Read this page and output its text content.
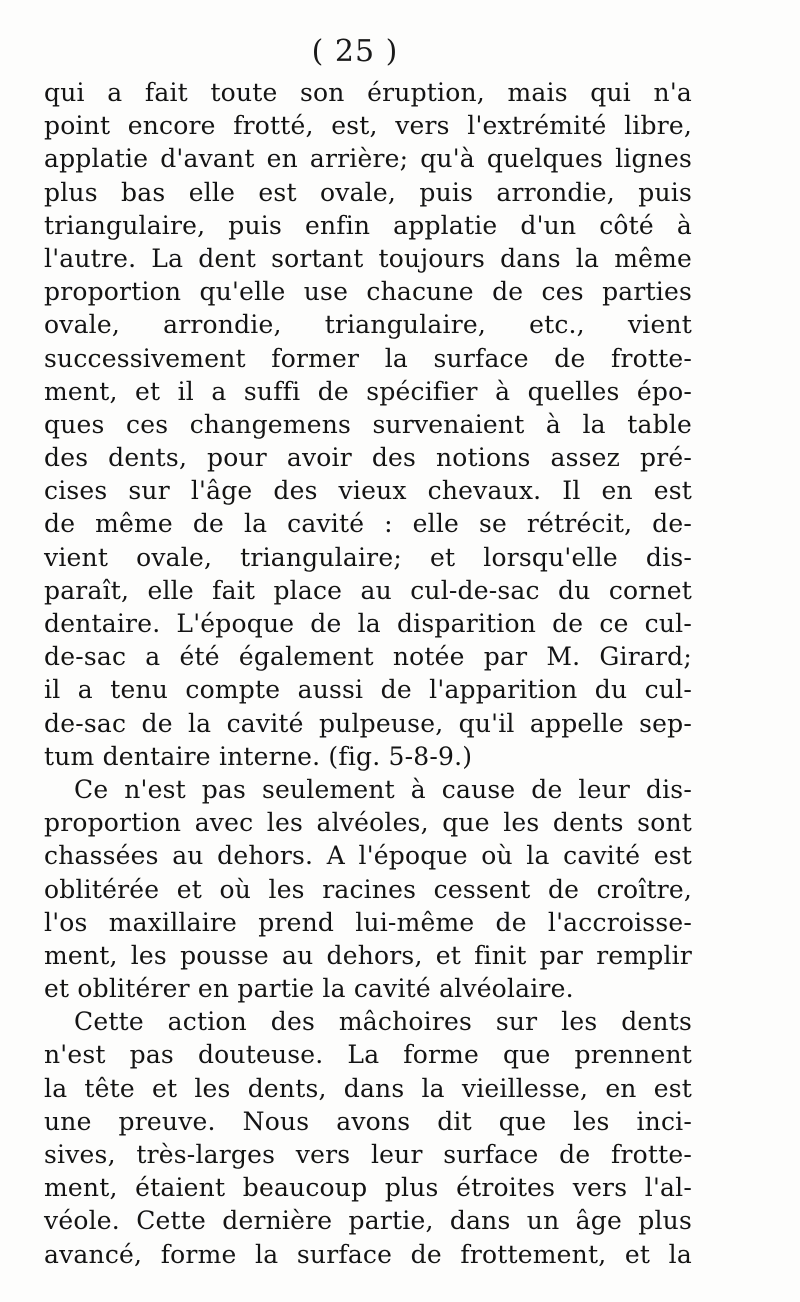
( 25 )
qui a fait toute son éruption, mais qui n'a
point encore frotté, est, vers l'extrémité libre,
applatie d'avant en arrière; qu'à quelques lignes
plus bas elle est ovale, puis arrondie, puis
triangulaire, puis enfin applatie d'un côté à
l'autre. La dent sortant toujours dans la même
proportion qu'elle use chacune de ces parties
ovale, arrondie, triangulaire, etc., vient
successivement former la surface de frotte-
ment, et il a suffi de spécifier à quelles épo-
ques ces changemens survenaient à la table
des dents, pour avoir des notions assez pré-
cises sur l'âge des vieux chevaux. Il en est
de même de la cavité : elle se rétrécit, de-
vient ovale, triangulaire; et lorsqu'elle dis-
paraît, elle fait place au cul-de-sac du cornet
dentaire. L'époque de la disparition de ce cul-
de-sac a été également notée par M. Girard;
il a tenu compte aussi de l'apparition du cul-
de-sac de la cavité pulpeuse, qu'il appelle sep-
tum dentaire interne. (fig. 5-8-9.)
Ce n'est pas seulement à cause de leur dis-
proportion avec les alvéoles, que les dents sont
chassées au dehors. A l'époque où la cavité est
oblitérée et où les racines cessent de croître,
l'os maxillaire prend lui-même de l'accroisse-
ment, les pousse au dehors, et finit par remplir
et oblitérer en partie la cavité alvéolaire.
Cette action des mâchoires sur les dents
n'est pas douteuse. La forme que prennent
la tête et les dents, dans la vieillesse, en est
une preuve. Nous avons dit que les inci-
sives, très-larges vers leur surface de frotte-
ment, étaient beaucoup plus étroites vers l'al-
véole. Cette dernière partie, dans un âge plus
avancé, forme la surface de frottement, et la
